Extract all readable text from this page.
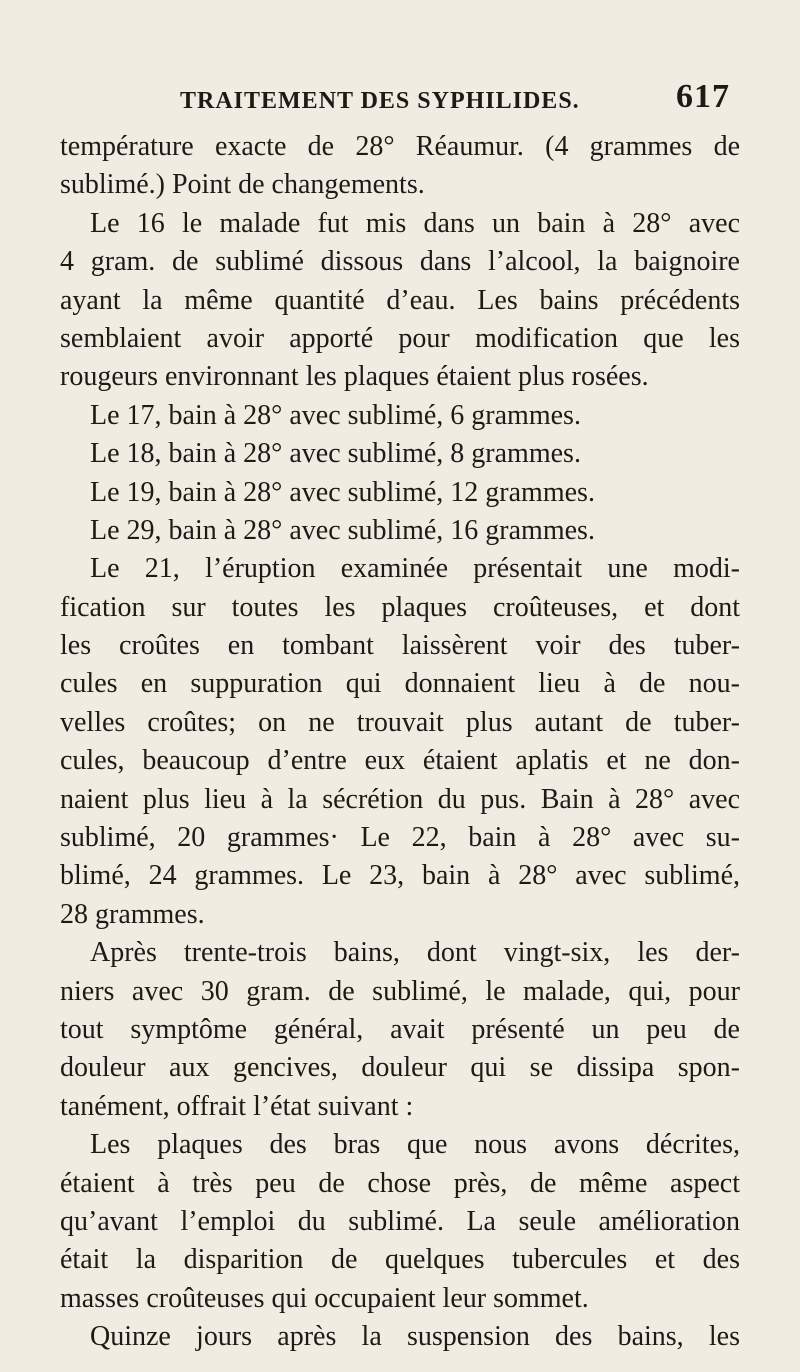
TRAITEMENT DES SYPHILIDES.	617
température exacte de 28° Réaumur. (4 grammes de
sublimé.) Point de changements.
Le 16 le malade fut mis dans un bain à 28° avec
4 gram. de sublimé dissous dans l’alcool, la baignoire
ayant la même quantité d’eau. Les bains précédents
semblaient avoir apporté pour modification que les
rougeurs environnant les plaques étaient plus rosées.
Le 17, bain à 28° avec sublimé, 6 grammes.
Le 18, bain à 28° avec sublimé, 8 grammes.
Le 19, bain à 28° avec sublimé, 12 grammes.
Le 29, bain à 28° avec sublimé, 16 grammes.
Le 21, l’éruption examinée présentait une modi-
fication sur toutes les plaques croûteuses, et dont
les croûtes en tombant laissèrent voir des tuber-
cules en suppuration qui donnaient lieu à de nou-
velles croûtes; on ne trouvait plus autant de tuber-
cules, beaucoup d’entre eux étaient aplatis et ne don-
naient plus lieu à la sécrétion du pus. Bain à 28° avec
sublimé, 20 grammes· Le 22, bain à 28° avec su-
blimé, 24 grammes. Le 23, bain à 28° avec sublimé,
28 grammes.
Après trente-trois bains, dont vingt-six, les der-
niers avec 30 gram. de sublimé, le malade, qui, pour
tout symptôme général, avait présenté un peu de
douleur aux gencives, douleur qui se dissipa spon-
tanément, offrait l’état suivant :
Les plaques des bras que nous avons décrites,
étaient à très peu de chose près, de même aspect
qu’avant l’emploi du sublimé. La seule amélioration
était la disparition de quelques tubercules et des
masses croûteuses qui occupaient leur sommet.
Quinze jours après la suspension des bains, les
